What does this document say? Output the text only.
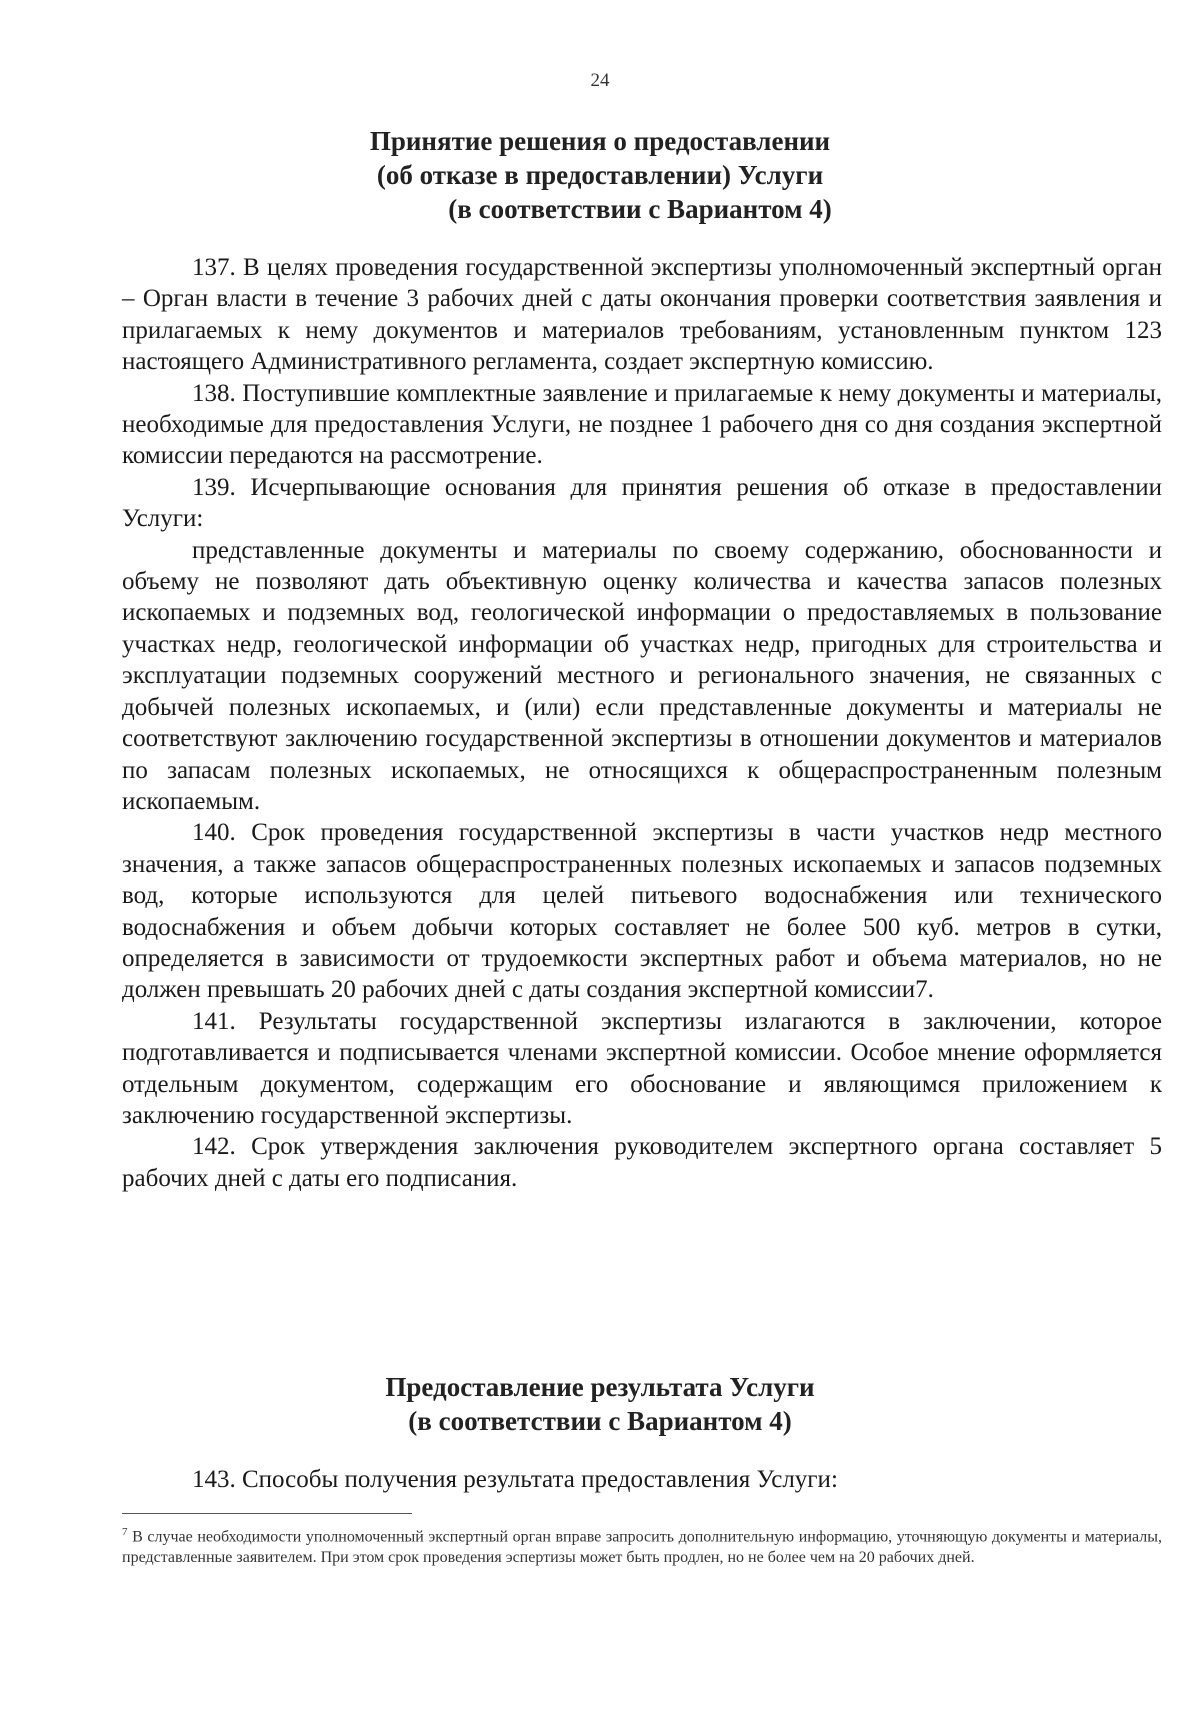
24
Принятие решения о предоставлении
(об отказе в предоставлении) Услуги
(в соответствии с Вариантом 4)

137. В целях проведения государственной экспертизы уполномоченный экспертный орган – Орган власти в течение 3 рабочих дней с даты окончания проверки соответствия заявления и прилагаемых к нему документов и материалов требованиям, установленным пунктом 123 настоящего Административного регламента, создает экспертную комиссию.

138. Поступившие комплектные заявление и прилагаемые к нему документы и материалы, необходимые для предоставления Услуги, не позднее 1 рабочего дня со дня создания экспертной комиссии передаются на рассмотрение.

139. Исчерпывающие основания для принятия решения об отказе в предоставлении Услуги:

представленные документы и материалы по своему содержанию, обоснованности и объему не позволяют дать объективную оценку количества и качества запасов полезных ископаемых и подземных вод, геологической информации о предоставляемых в пользование участках недр, геологической информации об участках недр, пригодных для строительства и эксплуатации подземных сооружений местного и регионального значения, не связанных с добычей полезных ископаемых, и (или) если представленные документы и материалы не соответствуют заключению государственной экспертизы в отношении документов и материалов по запасам полезных ископаемых, не относящихся к общераспространенным полезным ископаемым.

140. Срок проведения государственной экспертизы в части участков недр местного значения, а также запасов общераспространенных полезных ископаемых и запасов подземных вод, которые используются для целей питьевого водоснабжения или технического водоснабжения и объем добычи которых составляет не более 500 куб. метров в сутки, определяется в зависимости от трудоемкости экспертных работ и объема материалов, но не должен превышать 20 рабочих дней с даты создания экспертной комиссии7.

141. Результаты государственной экспертизы излагаются в заключении, которое подготавливается и подписывается членами экспертной комиссии. Особое мнение оформляется отдельным документом, содержащим его обоснование и являющимся приложением к заключению государственной экспертизы.

142. Срок утверждения заключения руководителем экспертного органа составляет 5 рабочих дней с даты его подписания.

Предоставление результата Услуги
(в соответствии с Вариантом 4)
143. Способы получения результата предоставления Услуги:
$^7$ В случае необходимости уполномоченный экспертный орган вправе запросить дополнительную информацию, уточняющую документы и материалы, представленные заявителем. При этом срок проведения эспертизы может быть продлен, но не более чем на 20 рабочих дней.
